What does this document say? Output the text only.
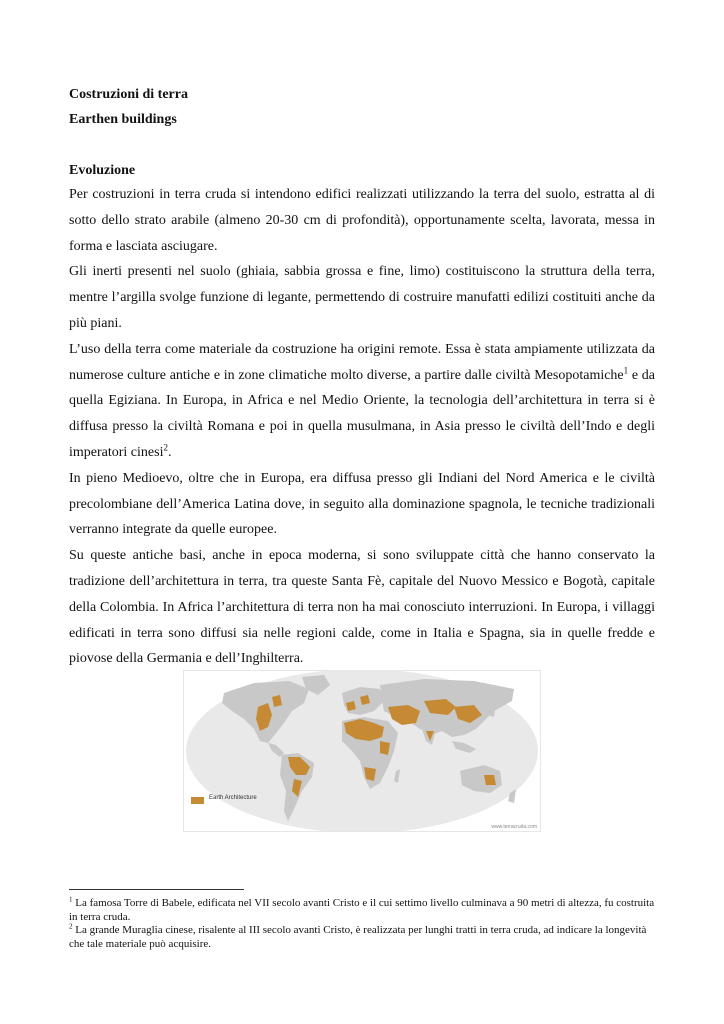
Costruzioni di terra
Earthen buildings
Evoluzione

Per costruzioni in terra cruda si intendono edifici realizzati utilizzando la terra del suolo, estratta al di sotto dello strato arabile (almeno 20-30 cm di profondità), opportunamente scelta, lavorata, messa in forma e lasciata asciugare.

Gli inerti presenti nel suolo (ghiaia, sabbia grossa e fine, limo) costituiscono la struttura della terra, mentre l’argilla svolge funzione di legante, permettendo di costruire manufatti edilizi costituiti anche da più piani.

L’uso della terra come materiale da costruzione ha origini remote. Essa è stata ampiamente utilizzata da numerose culture antiche e in zone climatiche molto diverse, a partire dalle civiltà Mesopotamiche$^1$ e da quella Egiziana. In Europa, in Africa e nel Medio Oriente, la tecnologia dell’architettura in terra si è diffusa presso la civiltà Romana e poi in quella musulmana, in Asia presso le civiltà dell’Indo e degli imperatori cinesi$^2$.

In pieno Medioevo, oltre che in Europa, era diffusa presso gli Indiani del Nord America e le civiltà precolombiane dell’America Latina dove, in seguito alla dominazione spagnola, le tecniche tradizionali verranno integrate da quelle europee.

Su queste antiche basi, anche in epoca moderna, si sono sviluppate città che hanno conservato la tradizione dell’architettura in terra, tra queste Santa Fè, capitale del Nuovo Messico e Bogotà, capitale della Colombia. In Africa l’architettura di terra non ha mai conosciuto interruzioni. In Europa, i villaggi edificati in terra sono diffusi sia nelle regioni calde, come in Italia e Spagna, sia in quelle fredde e piovose della Germania e dell’Inghilterra.

Earth Architecture
www.terracruda.com

$^1$ La famosa Torre di Babele, edificata nel VII secolo avanti Cristo e il cui settimo livello culminava a 90 metri di altezza, fu costruita in terra cruda.

$^2$ La grande Muraglia cinese, risalente al III secolo avanti Cristo, è realizzata per lunghi tratti in terra cruda, ad indicare la longevità che tale materiale può acquisire.
